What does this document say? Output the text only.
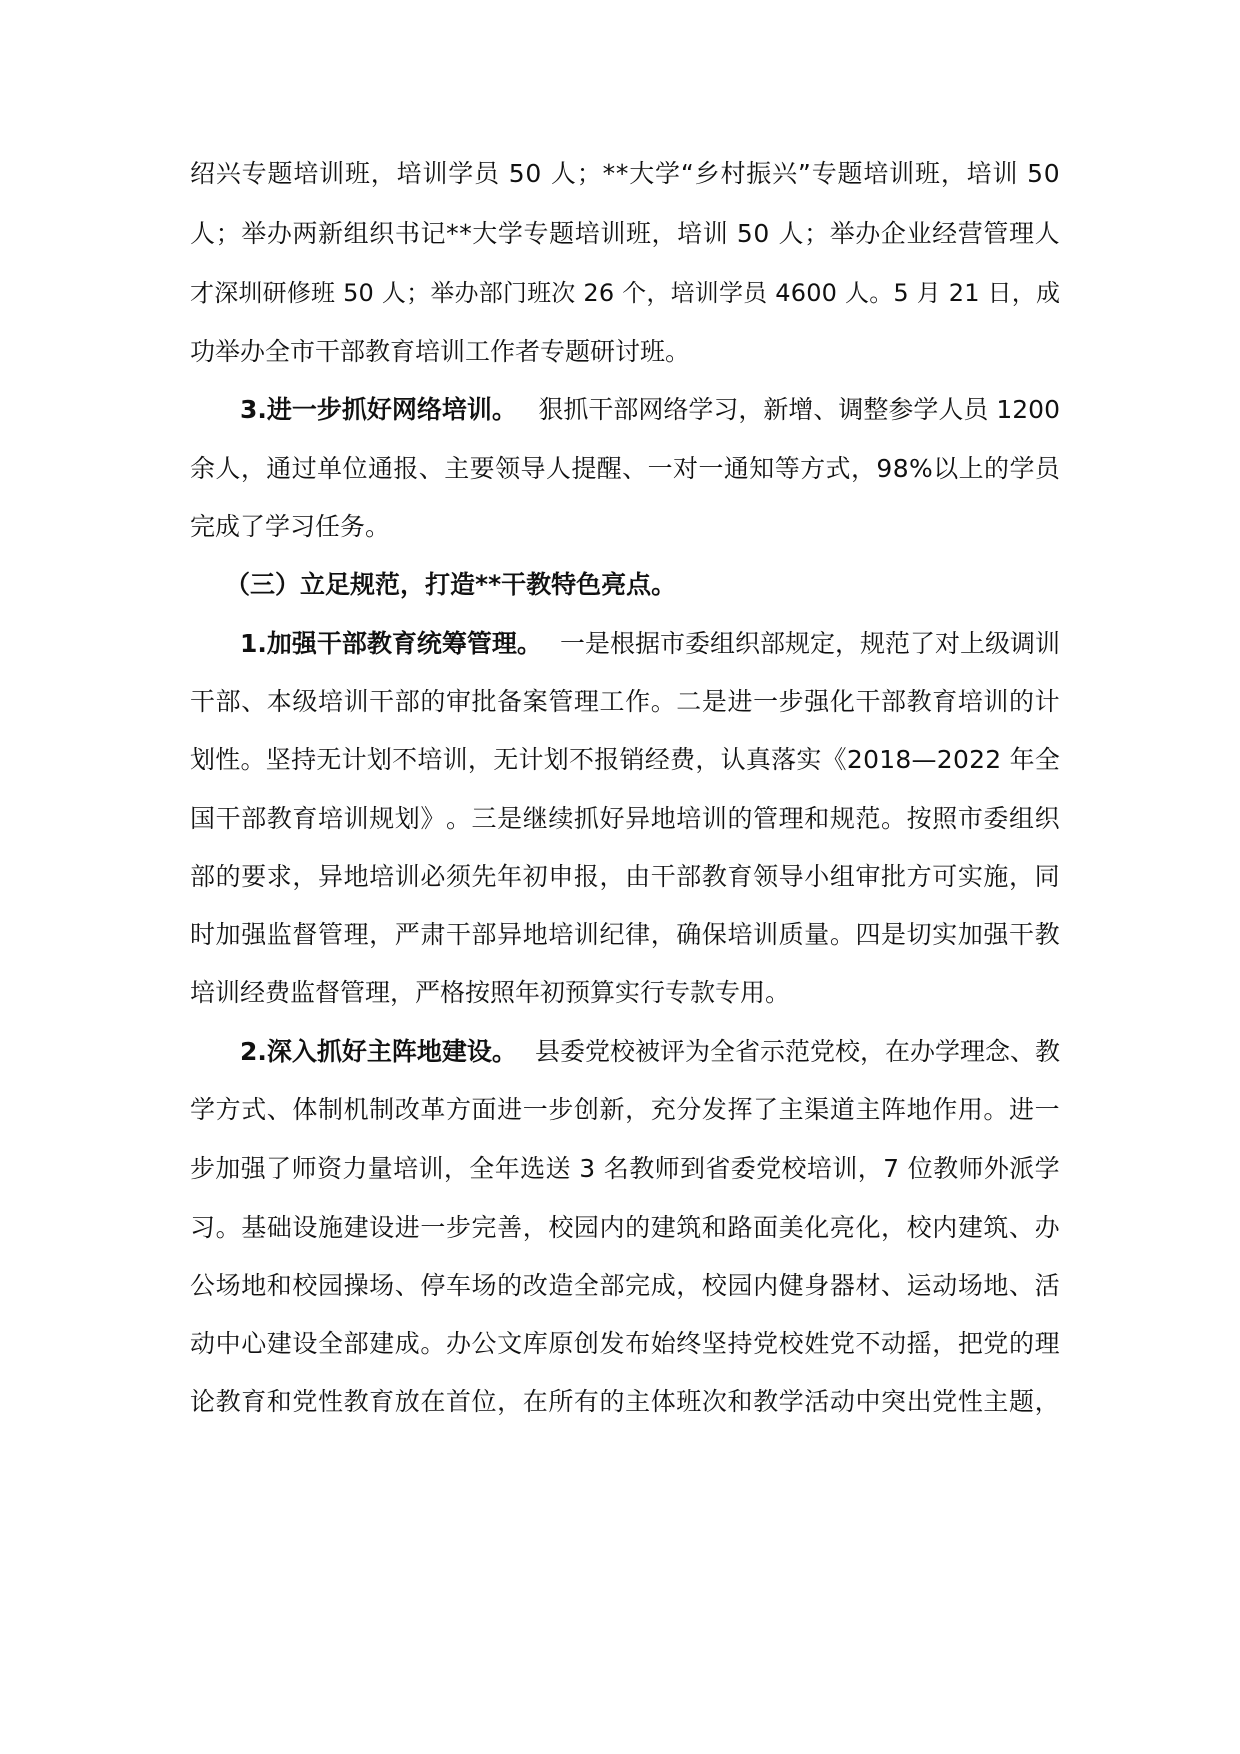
绍 兴 专 题 培 训 班 ， 培 训 学 员
5 0
人 ； * * 大 学 “ 乡 村 振 兴 ” 专 题 培 训 班 ， 培 训
5 0
人 ； 举 办 两 新 组 织 书 记 * * 大 学 专 题 培 训 班 ， 培 训
5 0
人 ； 举 办 企 业 经 营 管 理 人
才 深 圳 研 修 班
5 0
人 ； 举 办 部 门 班 次
2 6
个 ， 培 训 学 员
4 6 0 0
人 。 5
月
2 1
日 ， 成
功举办全市干部教育培训工作者专题研讨班。
3.进一步抓好网络培训。 狠抓干部网络学习，新增、调整参学人员 1200
余 人 ， 通 过 单 位 通 报 、 主 要 领 导 人 提 醒 、 一 对 一 通 知 等 方 式 ， 9 8 % 以 上 的 学 员
完成了学习任务。
（三）立足规范，打造**干教特色亮点。
1.加强干部教育统筹管理。 一是根据市委组织部规定，规范了对上级调训
干 部 、 本 级 培 训 干 部 的 审 批 备 案 管 理 工 作 。 二 是 进 一 步 强 化 干 部 教 育 培 训 的 计
划 性 。 坚 持 无 计 划 不 培 训 ， 无 计 划 不 报 销 经 费 ， 认 真 落 实 《 2 0 1 8 — 2 0 2 2
年 全
国 干 部 教 育 培 训 规 划 》 。 三 是 继 续 抓 好 异 地 培 训 的 管 理 和 规 范 。 按 照 市 委 组 织
部 的 要 求 ， 异 地 培 训 必 须 先 年 初 申 报 ， 由 干 部 教 育 领 导 小 组 审 批 方 可 实 施 ， 同
时 加 强 监 督 管 理 ， 严 肃 干 部 异 地 培 训 纪 律 ， 确 保 培 训 质 量 。 四 是 切 实 加 强 干 教
培训经费监督管理，严格按照年初预算实行专款专用。
2.深入抓好主阵地建设。 县委党校被评为全省示范党校，在办学理念、教
学 方 式 、 体 制 机 制 改 革 方 面 进 一 步 创 新 ， 充 分 发 挥 了 主 渠 道 主 阵 地 作 用 。 进 一
步 加 强 了 师 资 力 量 培 训 ， 全 年 选 送
3
名 教 师 到 省 委 党 校 培 训 ， 7
位 教 师 外 派 学
习 。 基 础 设 施 建 设 进 一 步 完 善 ， 校 园 内 的 建 筑 和 路 面 美 化 亮 化 ， 校 内 建 筑 、 办
公 场 地 和 校 园 操 场 、 停 车 场 的 改 造 全 部 完 成 ， 校 园 内 健 身 器 材 、 运 动 场 地 、 活
动 中 心 建 设 全 部 建 成 。 办 公 文 库 原 创 发 布 始 终 坚 持 党 校 姓 党 不 动 摇 ， 把 党 的 理
论 教 育 和 党 性 教 育 放 在 首 位 ， 在 所 有 的 主 体 班 次 和 教 学 活 动 中 突 出 党 性 主 题 ，
